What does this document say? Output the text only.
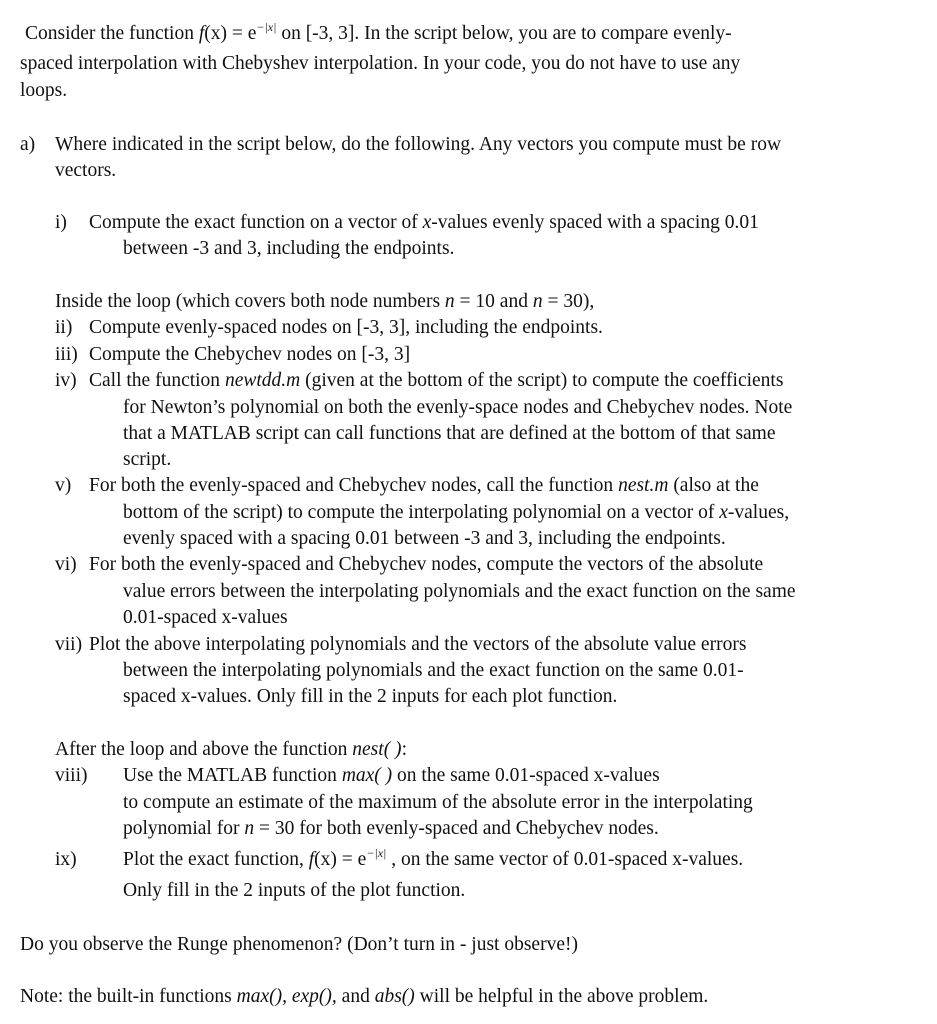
Consider the function $f(x) = e^{-|x|}$ on [-3, 3]. In the script below, you are to compare evenly-
spaced interpolation with Chebyshev interpolation. In your code, you do not have to use any
loops.
a) Where indicated in the script below, do the following. Any vectors you compute must be row
vectors.
i) Compute the exact function on a vector of x-values evenly spaced with a spacing 0.01
between -3 and 3, including the endpoints.
Inside the loop (which covers both node numbers n = 10 and n = 30),
ii) Compute evenly-spaced nodes on [-3, 3], including the endpoints.
iii) Compute the Chebychev nodes on [-3, 3]
iv) Call the function newtdd.m (given at the bottom of the script) to compute the coefficients
for Newton’s polynomial on both the evenly-space nodes and Chebychev nodes. Note
that a MATLAB script can call functions that are defined at the bottom of that same
script.
v) For both the evenly-spaced and Chebychev nodes, call the function nest.m (also at the
bottom of the script) to compute the interpolating polynomial on a vector of x-values,
evenly spaced with a spacing 0.01 between -3 and 3, including the endpoints.
vi) For both the evenly-spaced and Chebychev nodes, compute the vectors of the absolute
value errors between the interpolating polynomials and the exact function on the same
0.01-spaced x-values
vii) Plot the above interpolating polynomials and the vectors of the absolute value errors
between the interpolating polynomials and the exact function on the same 0.01-
spaced x-values. Only fill in the 2 inputs for each plot function.
After the loop and above the function nest( ):
viii) Use the MATLAB function max( ) on the same 0.01-spaced x-values
to compute an estimate of the maximum of the absolute error in the interpolating
polynomial for n = 30 for both evenly-spaced and Chebychev nodes.
ix) Plot the exact function, $f(x) = e^{-|x|}$ , on the same vector of 0.01-spaced x-values.
Only fill in the 2 inputs of the plot function.
Do you observe the Runge phenomenon? (Don’t turn in - just observe!)
Note: the built-in functions max(), exp(), and abs() will be helpful in the above problem.
